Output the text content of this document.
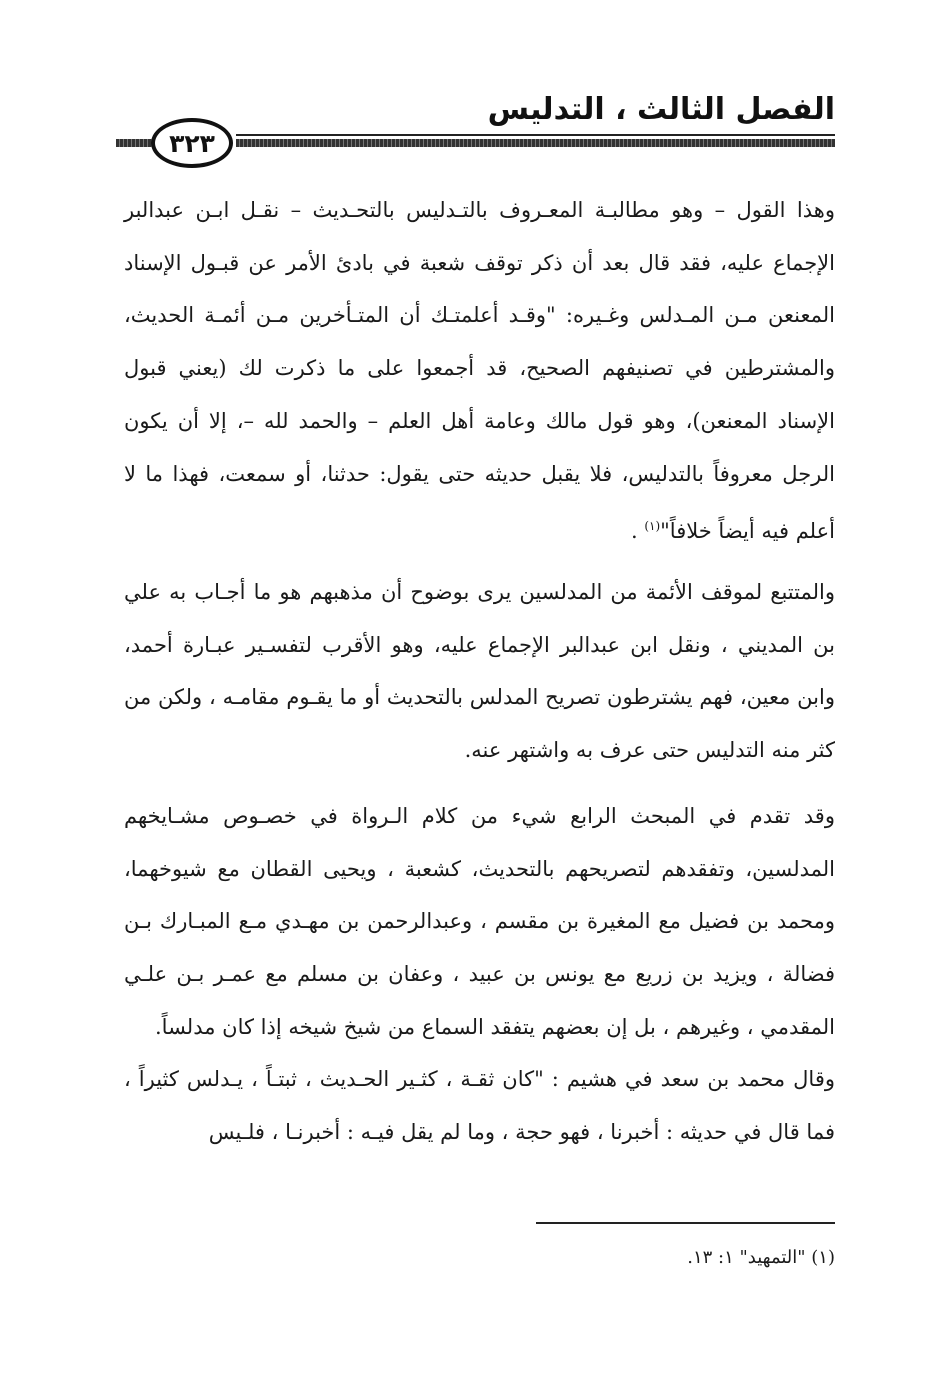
الفصل الثالث ، التدليس
٣٢٣

وهذا القول – وهو مطالبـة المعـروف بالتـدليس بالتحـديث – نقـل ابـن عبدالبر الإجماع عليه، فقد قال بعد أن ذكر توقف شعبة في بادئ الأمر عن قبـول الإسناد المعنعن مـن المـدلس وغـيره: "وقـد أعلمتـك أن المتـأخرين مـن أئمـة الحديث، والمشترطين في تصنيفهم الصحيح، قد أجمعوا على ما ذكرت لك (يعني قبول الإسناد المعنعن)، وهو قول مالك وعامة أهل العلم – والحمد لله –، إلا أن يكون الرجل معروفاً بالتدليس، فلا يقبل حديثه حتى يقول: حدثنا، أو سمعت، فهذا ما لا أعلم فيه أيضاً خلافاً"$^{(١)}$ .

والمتتبع لموقف الأئمة من المدلسين يرى بوضوح أن مذهبهم هو ما أجـاب به علي بن المديني ، ونقل ابن عبدالبر الإجماع عليه، وهو الأقرب لتفسـير عبـارة أحمد، وابن معين، فهم يشترطون تصريح المدلس بالتحديث أو ما يقـوم مقامـه ، ولكن من كثر منه التدليس حتى عرف به واشتهر عنه.

وقد تقدم في المبحث الرابع شيء من كلام الـرواة في خصـوص مشـايخهم المدلسين، وتفقدهم لتصريحهم بالتحديث، كشعبة ، ويحيى القطان مع شيوخهما، ومحمد بن فضيل مع المغيرة بن مقسم ، وعبدالرحمن بن مهـدي مـع المبـارك بـن فضالة ، ويزيد بن زريع مع يونس بن عبيد ، وعفان بن مسلم مع عمـر بـن علـي المقدمي ، وغيرهم ، بل إن بعضهم يتفقد السماع من شيخ شيخه إذا كان مدلساً.

وقال محمد بن سعد في هشيم : "كان ثقـة ، كثـير الحـديث ، ثبتـاً ، يـدلس كثيراً ، فما قال في حديثه : أخبرنا ، فهو حجة ، وما لم يقل فيـه : أخبرنـا ، فلـيس

(١) "التمهيد" ١: ١٣.
